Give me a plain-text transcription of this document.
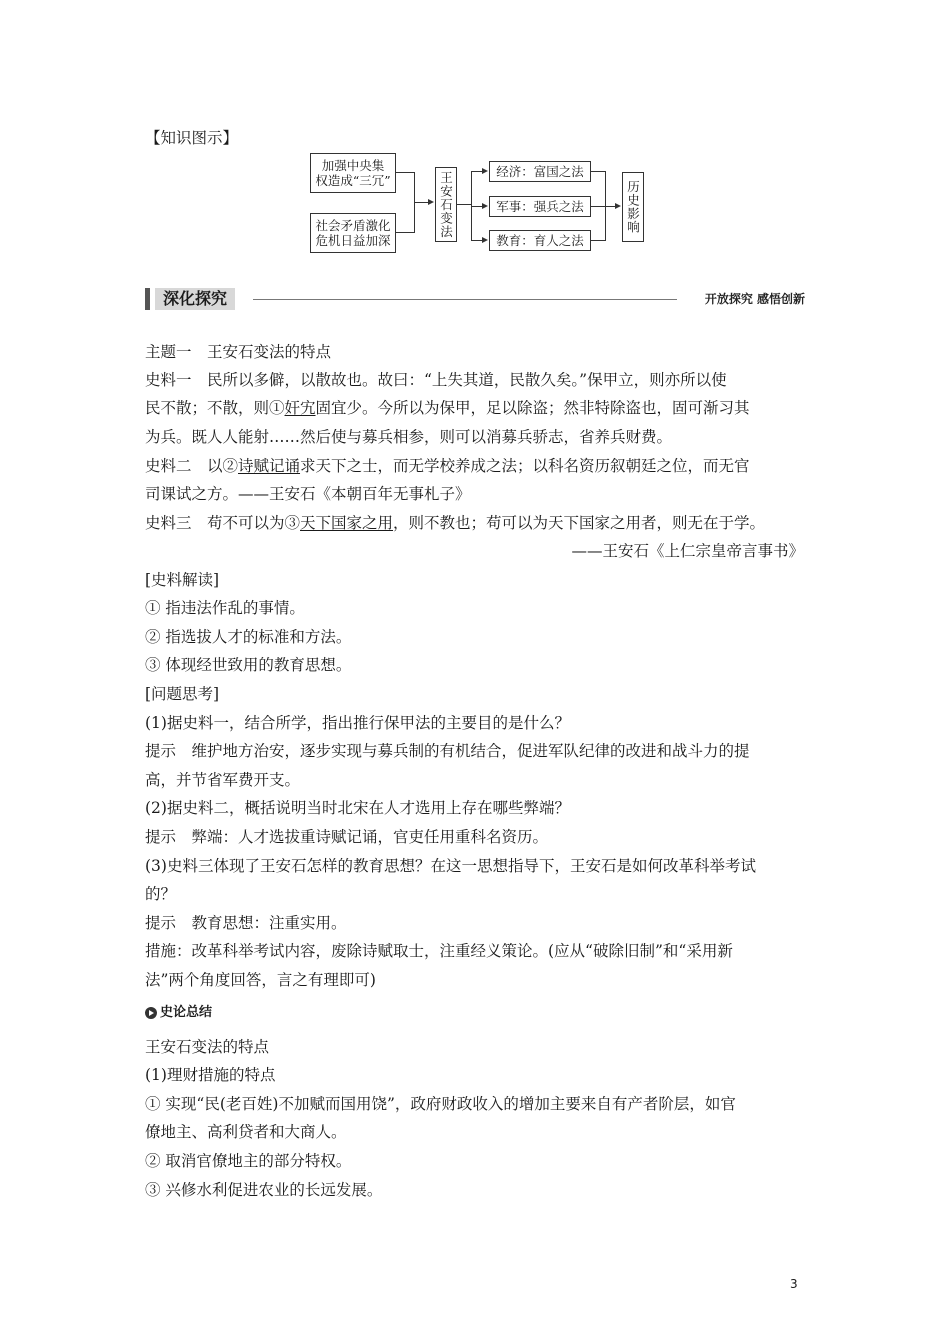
【知识图示】
加强中央集
权造成“三冗”
社会矛盾激化
危机日益加深
王安石变法	经济：富国之法
军事：强兵之法
教育：育人之法
历史影响
深化探究	开放探究 感悟创新
主题一　王安石变法的特点
史料一　民所以多僻，以散故也。故曰：“上失其道，民散久矣。”保甲立，则亦所以使
民不散；不散，则①奸宄固宜少。今所以为保甲，足以除盗；然非特除盗也，固可渐习其
为兵。既人人能射……然后使与募兵相参，则可以消募兵骄志，省养兵财费。
史料二　以②诗赋记诵求天下之士，而无学校养成之法；以科名资历叙朝廷之位，而无官
司课试之方。——王安石《本朝百年无事札子》
史料三　苟不可以为③天下国家之用，则不教也；苟可以为天下国家之用者，则无在于学。
——王安石《上仁宗皇帝言事书》
[史料解读]
① 指违法作乱的事情。
② 指选拔人才的标准和方法。
③ 体现经世致用的教育思想。
[问题思考]
(1)据史料一，结合所学，指出推行保甲法的主要目的是什么？
提示　维护地方治安，逐步实现与募兵制的有机结合，促进军队纪律的改进和战斗力的提
高，并节省军费开支。
(2)据史料二，概括说明当时北宋在人才选用上存在哪些弊端？
提示　弊端：人才选拔重诗赋记诵，官吏任用重科名资历。
(3)史料三体现了王安石怎样的教育思想？在这一思想指导下，王安石是如何改革科举考试
的？
提示　教育思想：注重实用。
措施：改革科举考试内容，废除诗赋取士，注重经义策论。(应从“破除旧制”和“采用新
法”两个角度回答，言之有理即可)
史论总结
王安石变法的特点
(1)理财措施的特点
① 实现“民(老百姓)不加赋而国用饶”，政府财政收入的增加主要来自有产者阶层，如官
僚地主、高利贷者和大商人。
② 取消官僚地主的部分特权。
③ 兴修水利促进农业的长远发展。
3
